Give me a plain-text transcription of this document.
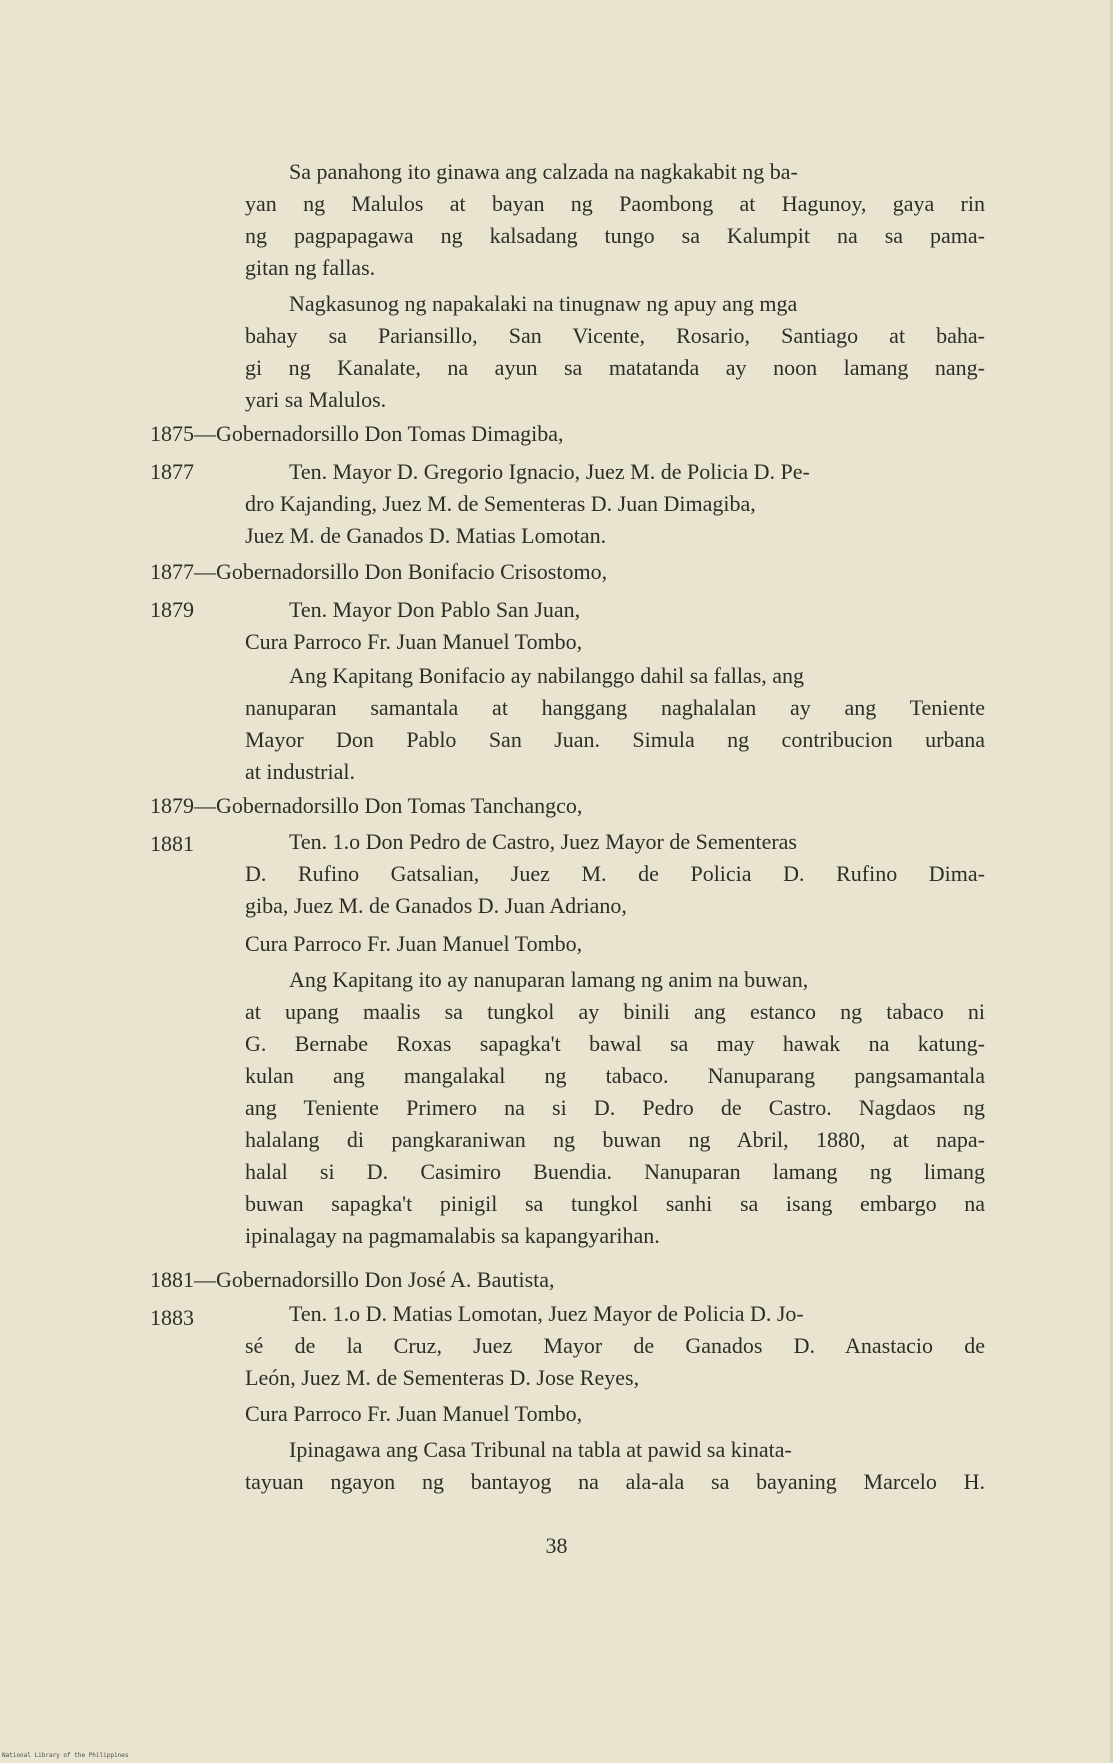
Sa panahong ito ginawa ang calzada na nagkakabit ng ba-
yan ng Malulos at bayan ng Paombong at Hagunoy, gaya rin
ng pagpapagawa ng kalsadang tungo sa Kalumpit na sa pama-
gitan ng fallas.
Nagkasunog ng napakalaki na tinugnaw ng apuy ang mga
bahay sa Pariansillo, San Vicente, Rosario, Santiago at baha-
gi ng Kanalate, na ayun sa matatanda ay noon lamang nang-
yari sa Malulos.
1875—Gobernadorsillo Don Tomas Dimagiba,
1877	Ten. Mayor D. Gregorio Ignacio, Juez M. de Policia D. Pe-
dro Kajanding, Juez M. de Sementeras D. Juan Dimagiba,
Juez M. de Ganados D. Matias Lomotan.
1877—Gobernadorsillo Don Bonifacio Crisostomo,
1879	Ten. Mayor Don Pablo San Juan,
Cura Parroco Fr. Juan Manuel Tombo,
Ang Kapitang Bonifacio ay nabilanggo dahil sa fallas, ang
nanuparan samantala at hanggang naghalalan ay ang Teniente
Mayor Don Pablo San Juan. Simula ng contribucion urbana
at industrial.
1879—Gobernadorsillo Don Tomas Tanchangco,
1881	Ten. 1.o Don Pedro de Castro, Juez Mayor de Sementeras
D. Rufino Gatsalian, Juez M. de Policia D. Rufino Dima-
giba, Juez M. de Ganados D. Juan Adriano,
Cura Parroco Fr. Juan Manuel Tombo,
Ang Kapitang ito ay nanuparan lamang ng anim na buwan,
at upang maalis sa tungkol ay binili ang estanco ng tabaco ni
G. Bernabe Roxas sapagka't bawal sa may hawak na katung-
kulan ang mangalakal ng tabaco. Nanuparang pangsamantala
ang Teniente Primero na si D. Pedro de Castro. Nagdaos ng
halalang di pangkaraniwan ng buwan ng Abril, 1880, at napa-
halal si D. Casimiro Buendia. Nanuparan lamang ng limang
buwan sapagka't pinigil sa tungkol sanhi sa isang embargo na
ipinalagay na pagmamalabis sa kapangyarihan.
1881—Gobernadorsillo Don José A. Bautista,
1883	Ten. 1.o D. Matias Lomotan, Juez Mayor de Policia D. Jo-
sé de la Cruz, Juez Mayor de Ganados D. Anastacio de
León, Juez M. de Sementeras D. Jose Reyes,
Cura Parroco Fr. Juan Manuel Tombo,
Ipinagawa ang Casa Tribunal na tabla at pawid sa kinata-
tayuan ngayon ng bantayog na ala-ala sa bayaning Marcelo H.
38
National Library of the Philippines
